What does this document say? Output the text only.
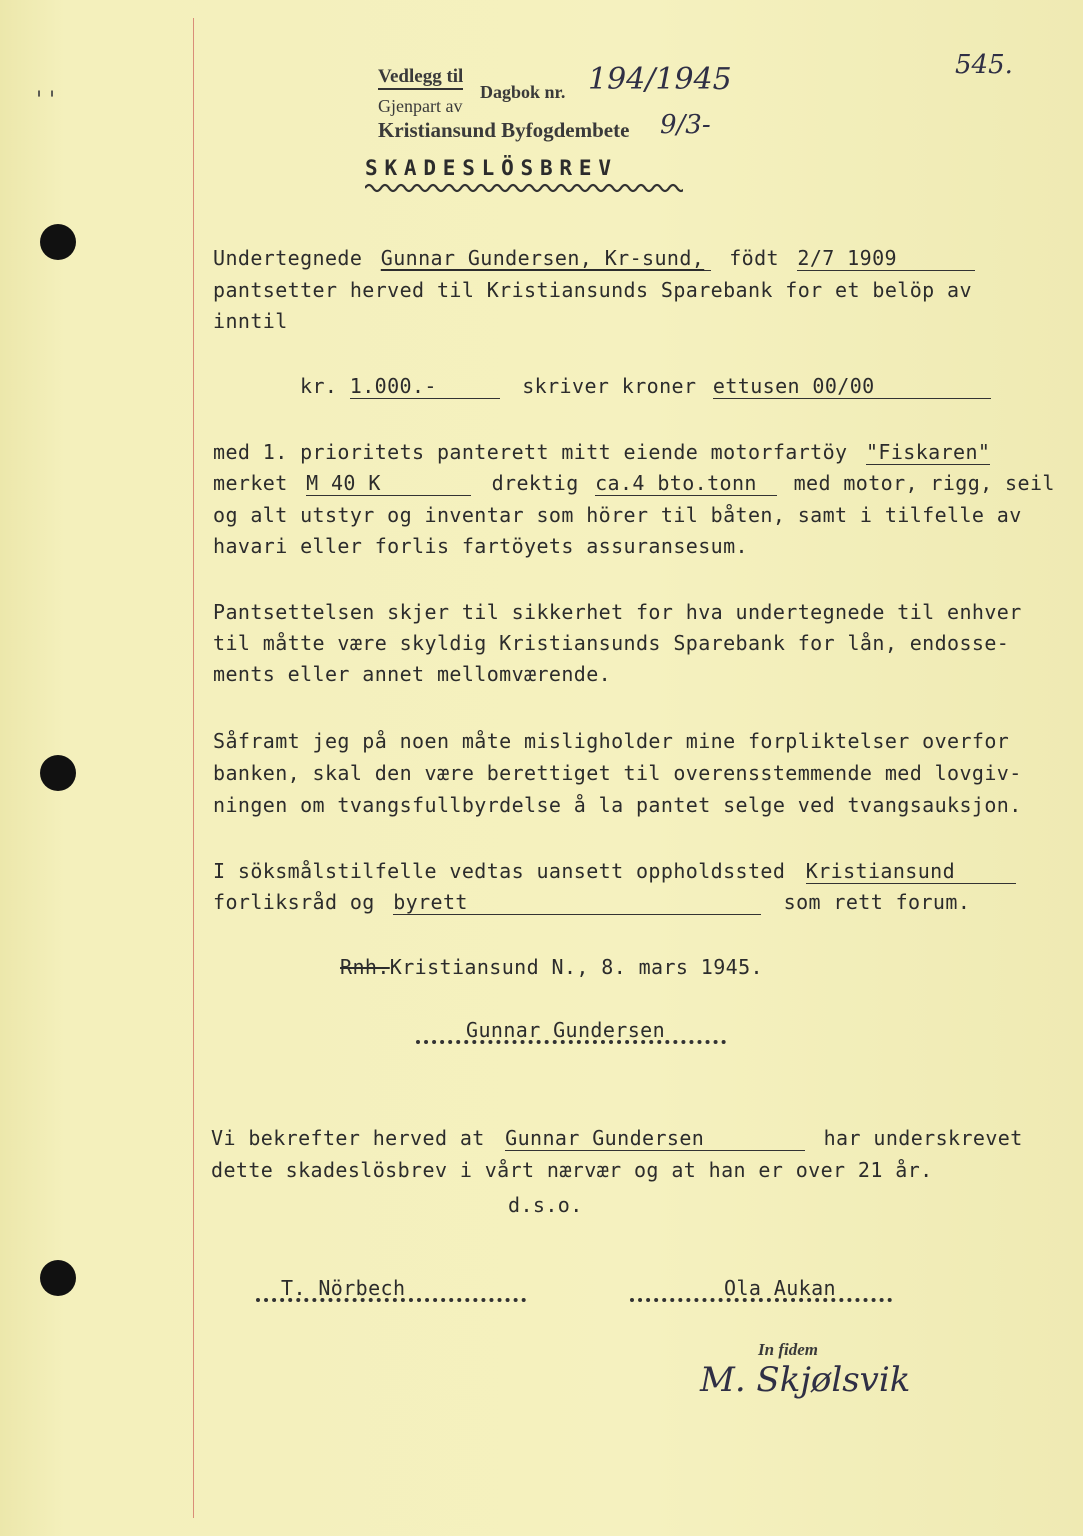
' '
545.
Vedlegg til
Dagbok nr. 194/1945
Gjenpart av
Kristiansund Byfogdembete 9/3-
SKADESLÖSBREV
Undertegnede Gunnar Gundersen, Kr-sund, födt 2/7 1909
pantsetter herved til Kristiansunds Sparebank for et belöp av
inntil
kr. 1.000.-	skriver kroner ettusen 00/00
med 1. prioritets panterett mitt eiende motorfartöy "Fiskaren"
merket M 40 K	drektig ca.4 bto.tonn med motor, rigg, seil
og alt utstyr og inventar som hörer til båten, samt i tilfelle av
havari eller forlis fartöyets assuransesum.
Pantsettelsen skjer til sikkerhet for hva undertegnede til enhver
til måtte være skyldig Kristiansunds Sparebank for lån, endosse-
ments eller annet mellomværende.
Såframt jeg på noen måte misligholder mine forpliktelser overfor
banken, skal den være berettiget til overensstemmende med lovgiv-
ningen om tvangsfullbyrdelse å la pantet selge ved tvangsauksjon.
I söksmålstilfelle vedtas uansett oppholdssted Kristiansund
forliksråd og byrett	som rett forum.
Rnh.Kristiansund N., 8. mars 1945.
Gunnar Gundersen
Vi bekrefter herved at Gunnar Gundersen	har underskrevet
dette skadeslösbrev i vårt nærvær og at han er over 21 år.
d.s.o.
T. Nörbech	Ola Aukan
In fidem
M. Skjølsvik
